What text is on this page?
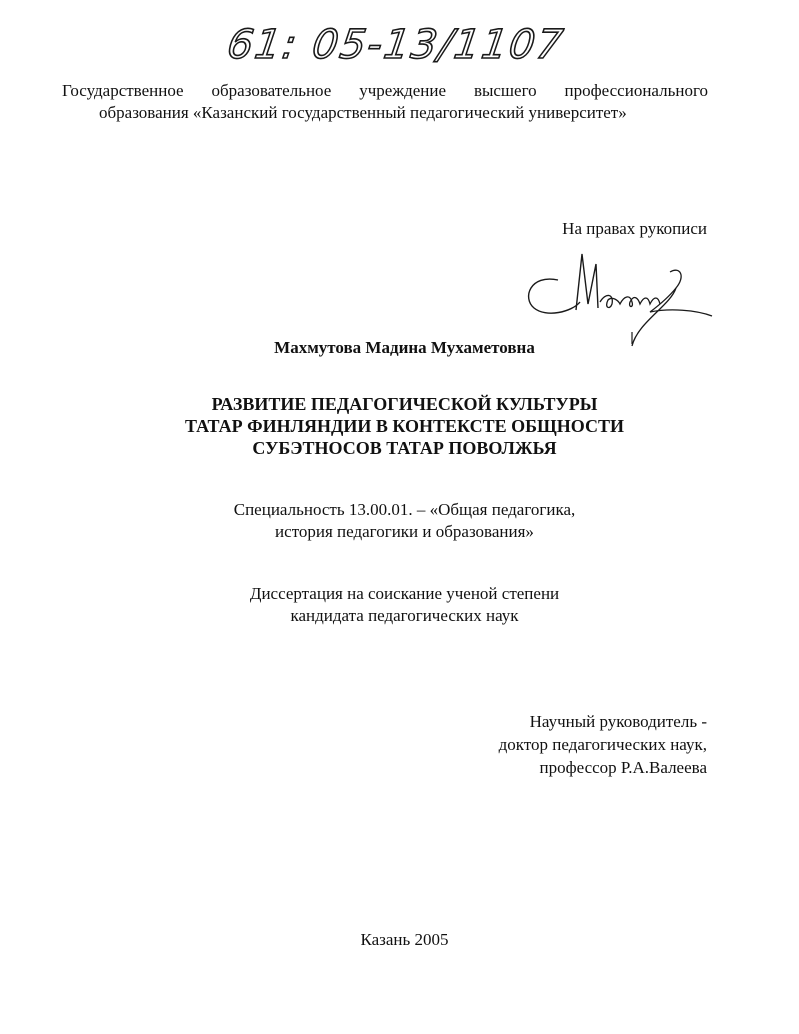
61: 05-13/1107
Государственное образовательное учреждение высшего профессионального
образования «Казанский государственный педагогический университет»
На правах рукописи
Махмутова Мадина Мухаметовна
РАЗВИТИЕ ПЕДАГОГИЧЕСКОЙ КУЛЬТУРЫ
ТАТАР ФИНЛЯНДИИ В КОНТЕКСТЕ ОБЩНОСТИ
СУБЭТНОСОВ ТАТАР ПОВОЛЖЬЯ
Специальность 13.00.01. – «Общая педагогика,
история педагогики и образования»
Диссертация на соискание ученой степени
кандидата педагогических наук
Научный руководитель -
доктор педагогических наук,
профессор Р.А.Валеева
Казань 2005
